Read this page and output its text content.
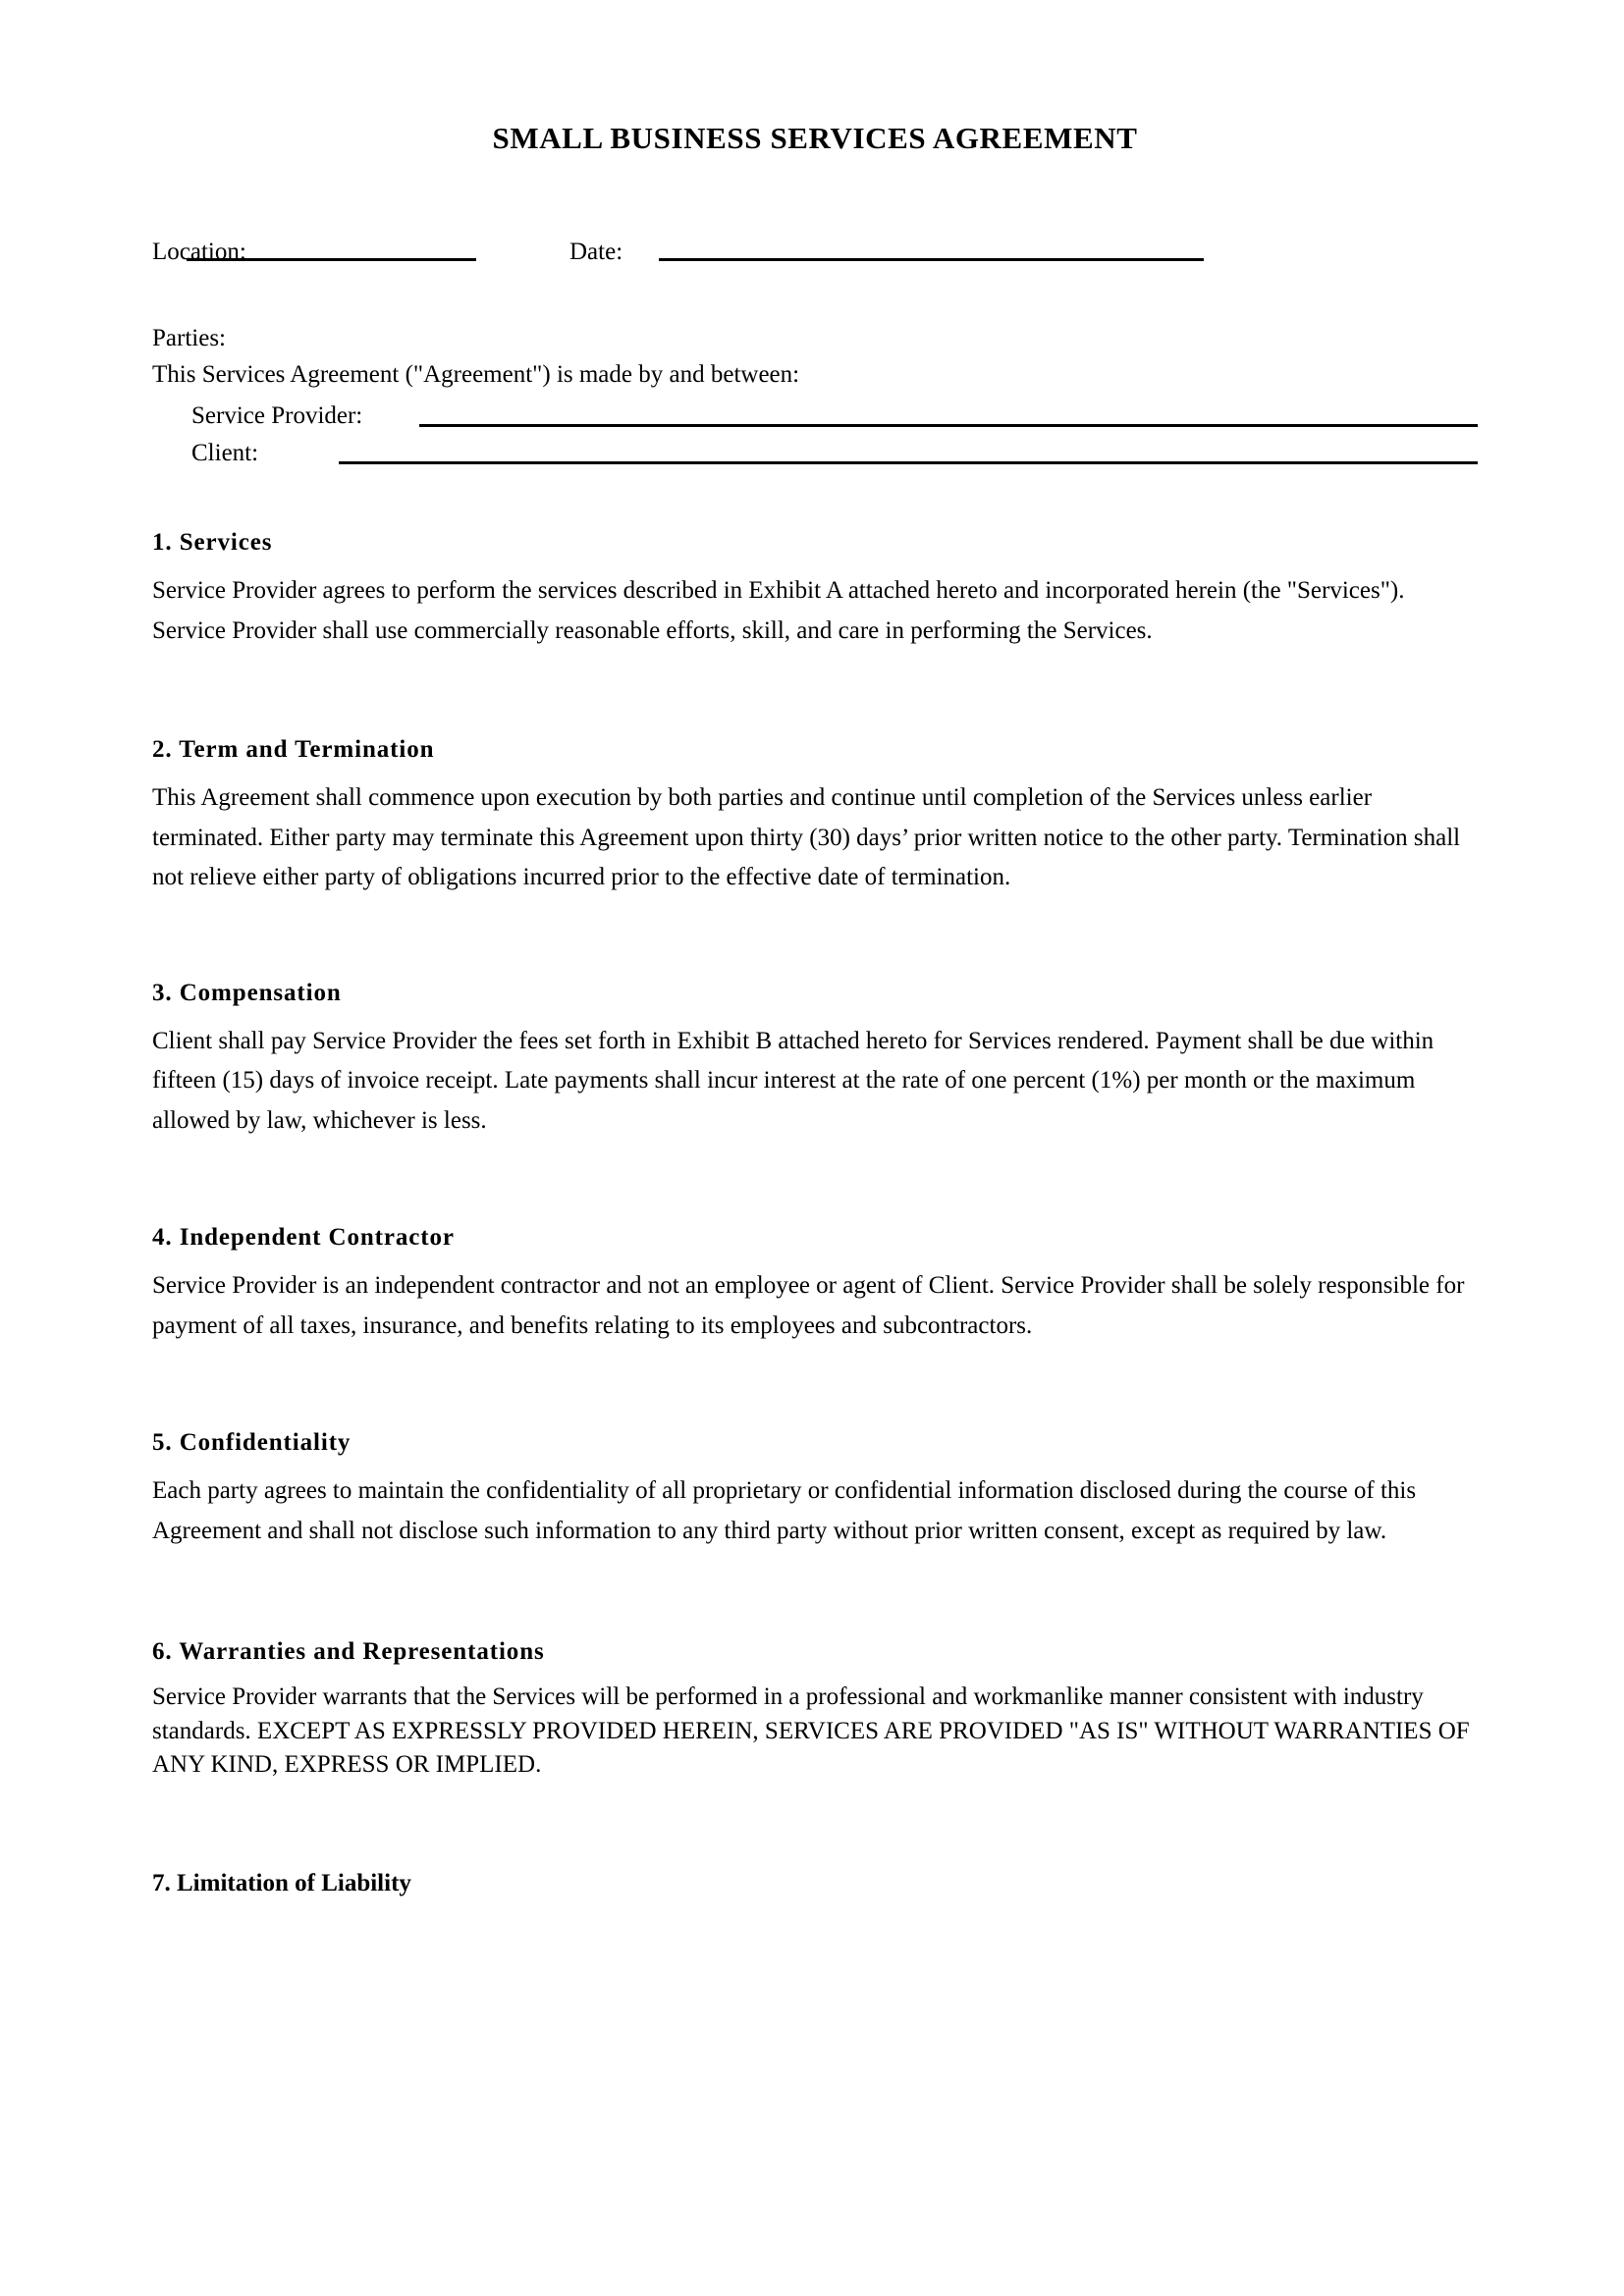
SMALL BUSINESS SERVICES AGREEMENT
Location:	Date:

Parties:

This Services Agreement ("Agreement") is made by and between:

Service Provider:
Client:
1. Services

Service Provider agrees to perform the services described in Exhibit A attached hereto and incorporated herein (the "Services"). Service Provider shall use commercially reasonable efforts, skill, and care in performing the Services.

2. Term and Termination

This Agreement shall commence upon execution by both parties and continue until completion of the Services unless earlier terminated. Either party may terminate this Agreement upon thirty (30) days’ prior written notice to the other party. Termination shall not relieve either party of obligations incurred prior to the effective date of termination.

3. Compensation

Client shall pay Service Provider the fees set forth in Exhibit B attached hereto for Services rendered. Payment shall be due within fifteen (15) days of invoice receipt. Late payments shall incur interest at the rate of one percent (1%) per month or the maximum allowed by law, whichever is less.

4. Independent Contractor

Service Provider is an independent contractor and not an employee or agent of Client. Service Provider shall be solely responsible for payment of all taxes, insurance, and benefits relating to its employees and subcontractors.

5. Confidentiality

Each party agrees to maintain the confidentiality of all proprietary or confidential information disclosed during the course of this Agreement and shall not disclose such information to any third party without prior written consent, except as required by law.

6. Warranties and Representations

Service Provider warrants that the Services will be performed in a professional and workmanlike manner consistent with industry standards. EXCEPT AS EXPRESSLY PROVIDED HEREIN, SERVICES ARE PROVIDED "AS IS" WITHOUT WARRANTIES OF ANY KIND, EXPRESS OR IMPLIED.

7. Limitation of Liability
